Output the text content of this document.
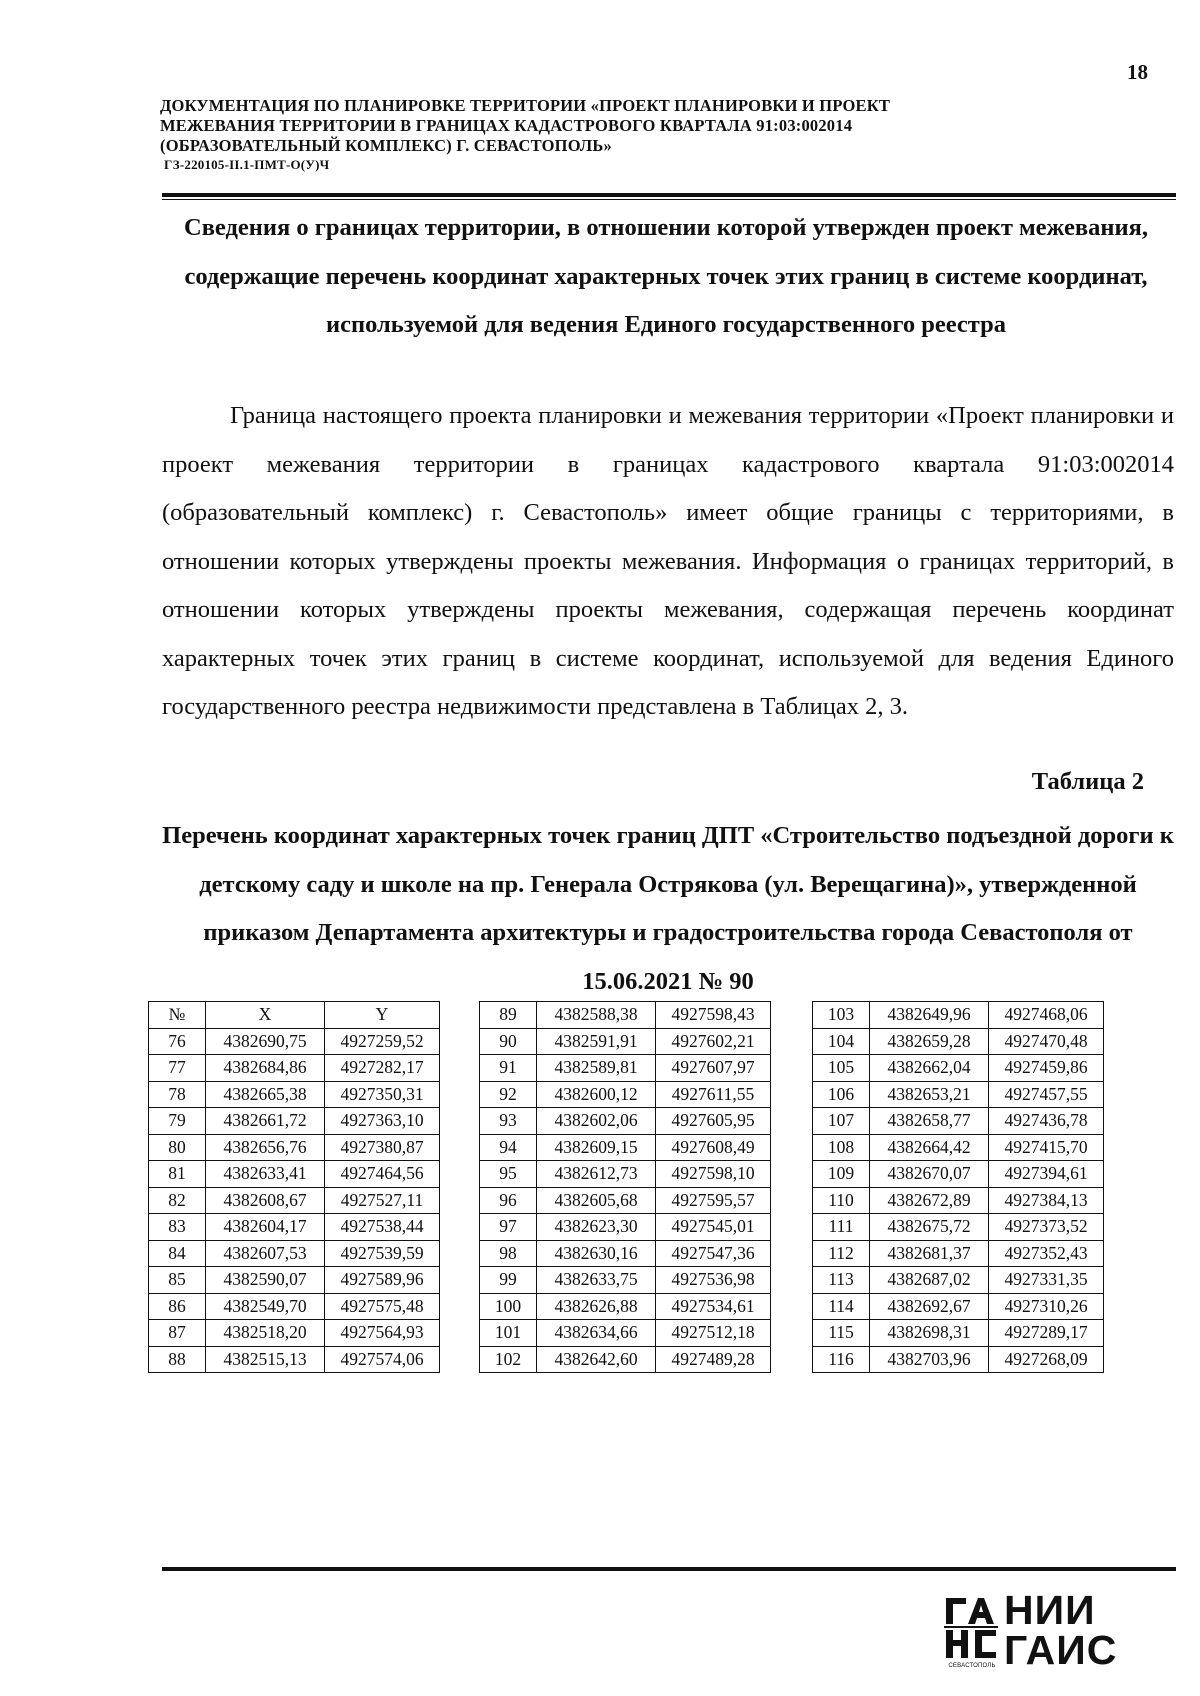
18
ДОКУМЕНТАЦИЯ ПО ПЛАНИРОВКЕ ТЕРРИТОРИИ «ПРОЕКТ ПЛАНИРОВКИ И ПРОЕКТ
МЕЖЕВАНИЯ ТЕРРИТОРИИ В ГРАНИЦАХ КАДАСТРОВОГО КВАРТАЛА 91:03:002014
(ОБРАЗОВАТЕЛЬНЫЙ КОМПЛЕКС) Г. СЕВАСТОПОЛЬ»
ГЗ-220105-II.1-ПМТ-О(У)Ч
Сведения о границах территории, в отношении которой утвержден проект межевания, содержащие перечень координат характерных точек этих границ в системе координат, используемой для ведения Единого государственного реестра
Граница настоящего проекта планировки и межевания территории «Проект планировки и проект межевания территории в границах кадастрового квартала 91:03:002014 (образовательный комплекс) г. Севастополь» имеет общие границы с территориями, в отношении которых утверждены проекты межевания. Информация о границах территорий, в отношении которых утверждены проекты межевания, содержащая перечень координат характерных точек этих границ в системе координат, используемой для ведения Единого государственного реестра недвижимости представлена в Таблицах 2, 3.
Таблица 2
Перечень координат характерных точек границ ДПТ «Строительство подъездной дороги к детскому саду и школе на пр. Генерала Острякова (ул. Верещагина)», утвержденной приказом Департамента архитектуры и градостроительства города Севастополя от 15.06.2021 № 90
№	X	Y
76	4382690,75	4927259,52
77	4382684,86	4927282,17
78	4382665,38	4927350,31
79	4382661,72	4927363,10
80	4382656,76	4927380,87
81	4382633,41	4927464,56
82	4382608,67	4927527,11
83	4382604,17	4927538,44
84	4382607,53	4927539,59
85	4382590,07	4927589,96
86	4382549,70	4927575,48
87	4382518,20	4927564,93
88	4382515,13	4927574,06
89	4382588,38	4927598,43
90	4382591,91	4927602,21
91	4382589,81	4927607,97
92	4382600,12	4927611,55
93	4382602,06	4927605,95
94	4382609,15	4927608,49
95	4382612,73	4927598,10
96	4382605,68	4927595,57
97	4382623,30	4927545,01
98	4382630,16	4927547,36
99	4382633,75	4927536,98
100	4382626,88	4927534,61
101	4382634,66	4927512,18
102	4382642,60	4927489,28
103	4382649,96	4927468,06
104	4382659,28	4927470,48
105	4382662,04	4927459,86
106	4382653,21	4927457,55
107	4382658,77	4927436,78
108	4382664,42	4927415,70
109	4382670,07	4927394,61
110	4382672,89	4927384,13
111	4382675,72	4927373,52
112	4382681,37	4927352,43
113	4382687,02	4927331,35
114	4382692,67	4927310,26
115	4382698,31	4927289,17
116	4382703,96	4927268,09
СЕВАСТОПОЛЬ
НИИ
ГАИС
